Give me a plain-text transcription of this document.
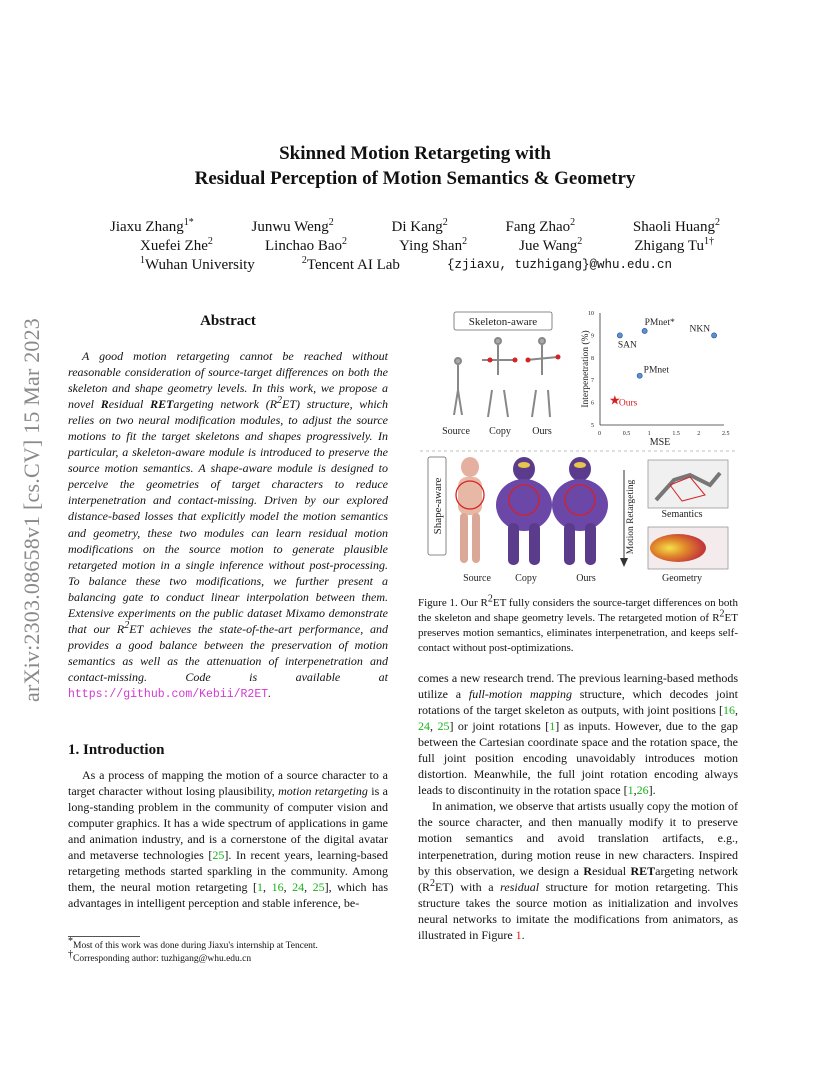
arXiv:2303.08658v1 [cs.CV] 15 Mar 2023
Skinned Motion Retargeting with
Residual Perception of Motion Semantics & Geometry
Jiaxu Zhang$^{1*}$	Junwu Weng$^2$	Di Kang$^2$	Fang Zhao$^2$	Shaoli Huang$^2$
Xuefei Zhe$^2$	Linchao Bao$^2$	Ying Shan$^2$	Jue Wang$^2$	Zhigang $Tu^{1\dagger}$
$^1$Wuhan University	$^2$Tencent AI Lab	{zjiaxu, tuzhigang}@whu.edu.cn
Abstract

A good motion retargeting cannot be reached without reasonable consideration of source-target differences on both the skeleton and shape geometry levels. In this work, we propose a novel Residual RETargeting network $(R^2ET)$ structure, which relies on two neural modification modules, to adjust the source motions to fit the target skeletons and shapes progressively. In particular, a skeleton-aware module is introduced to preserve the source motion semantics. A shape-aware module is designed to perceive the geometries of target characters to reduce interpenetration and contact-missing. Driven by our explored distance-based losses that explicitly model the motion semantics and geometry, these two modules can learn residual motion modifications on the source motion to generate plausible retargeted motion in a single inference without post-processing. To balance these two modifications, we further present a balancing gate to conduct linear interpolation between them. Extensive experiments on the public dataset Mixamo demonstrate that our $R^2ET$ achieves the state-of-the-art performance, and provides a good balance between the preservation of motion semantics as well as the attenuation of interpenetration and contact-missing. Code is available at https://github.com/Kebii/R2ET.

1. Introduction

As a process of mapping the motion of a source character to a target character without losing plausibility, motion retargeting is a long-standing problem in the community of computer vision and computer graphics. It has a wide spectrum of applications in game and animation industry, and is a cornerstone of the digital avatar and metaverse technologies [25]. In recent years, learning-based retargeting methods started sparkling in the community. Among them, the neural motion retargeting [1, 16, 24, 25], which has advantages in intelligent perception and stable inference, be-

*Most of this work was done during Jiaxu's internship at Tencent.
†Corresponding author: tuzhigang@whu.edu.cn
Skeleton-aware
Source Copy Ours
Interpenetration (%)
MSE
0	0.5	1	1.5	2	2.5
5
6
7
8
9
10
SAN
PMnet*
NKN
PMnet
★
Ours
Shape-aware
Source Copy	Ours
Motion Retargeting	Semantics
Geometry
Figure 1. Our $R^2ET$ fully considers the source-target differences on both the skeleton and shape geometry levels. The retargeted motion of $R^2ET$ preserves motion semantics, eliminates interpenetration, and keeps self-contact without post-optimizations.

comes a new research trend. The previous learning-based methods utilize a full-motion mapping structure, which decodes joint rotations of the target skeleton as outputs, with joint positions [16, 24, 25] or joint rotations [1] as inputs. However, due to the gap between the Cartesian coordinate space and the rotation space, the full joint position encoding unavoidably introduces motion distortion. Meanwhile, the full joint rotation encoding always leads to discontinuity in the rotation space [1,26].

In animation, we observe that artists usually copy the motion of the source character, and then manually modify it to preserve motion semantics and avoid translation artifacts, e.g., interpenetration, during motion reuse in new characters. Inspired by this observation, we design a Residual RETargeting network $(R^2ET)$ with a residual structure for motion retargeting. This structure takes the source motion as initialization and involves neural networks to imitate the modifications from animators, as illustrated in Figure 1.
